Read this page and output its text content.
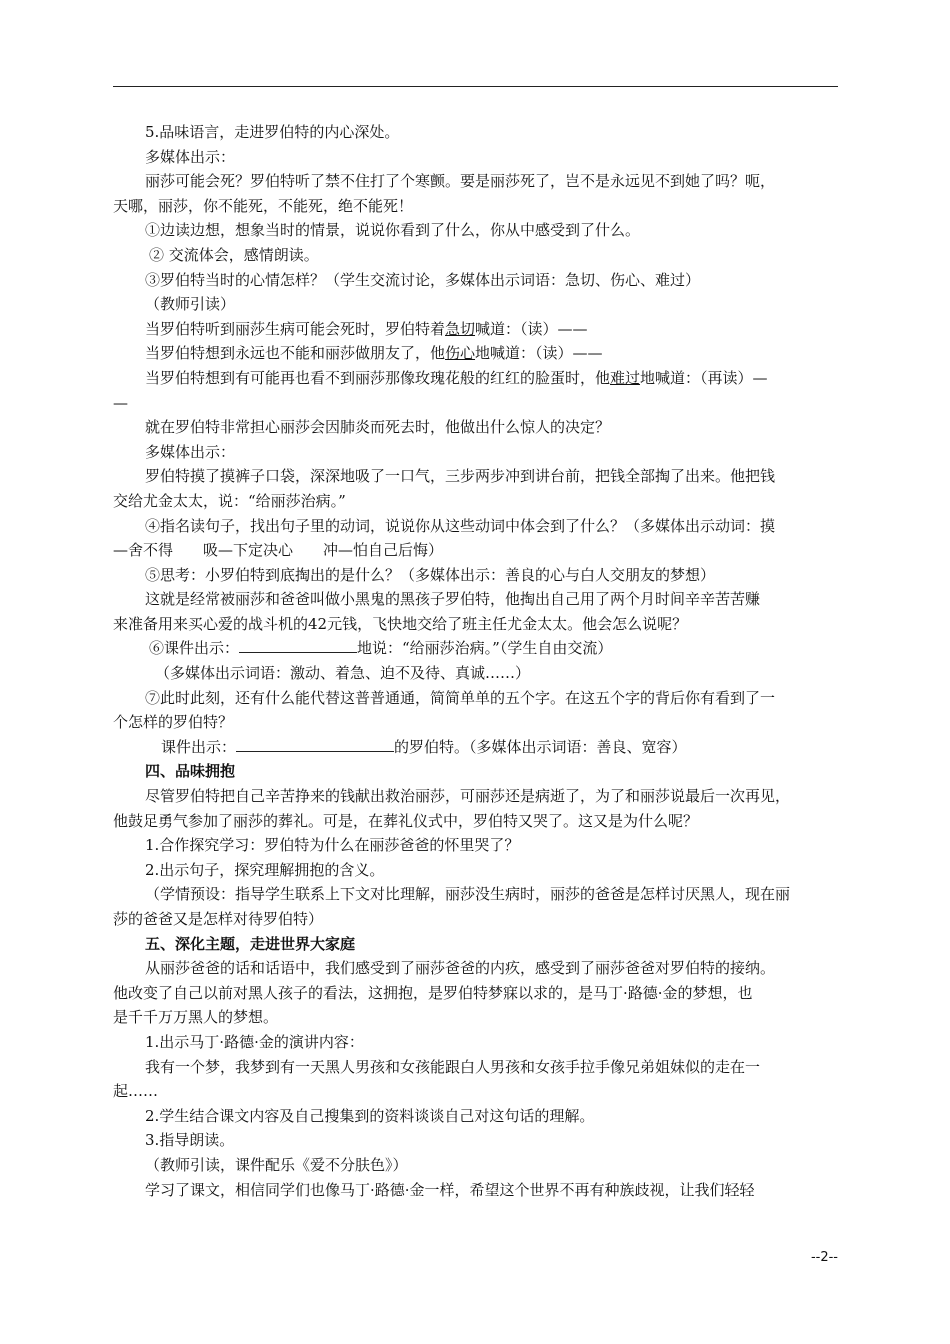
5.品味语言，走进罗伯特的内心深处。
多媒体出示：
丽莎可能会死？罗伯特听了禁不住打了个寒颤。要是丽莎死了，岂不是永远见不到她了吗？呃，
天哪，丽莎，你不能死，不能死，绝不能死！
①边读边想，想象当时的情景，说说你看到了什么，你从中感受到了什么。
② 交流体会，感情朗读。
③罗伯特当时的心情怎样？（学生交流讨论，多媒体出示词语：急切、伤心、难过）
（教师引读）
当罗伯特听到丽莎生病可能会死时，罗伯特着急切喊道：（读）——
当罗伯特想到永远也不能和丽莎做朋友了，他伤心地喊道：（读）——
当罗伯特想到有可能再也看不到丽莎那像玫瑰花般的红红的脸蛋时，他难过地喊道：（再读）—
—
就在罗伯特非常担心丽莎会因肺炎而死去时，他做出什么惊人的决定？
多媒体出示：
罗伯特摸了摸裤子口袋，深深地吸了一口气，三步两步冲到讲台前，把钱全部掏了出来。他把钱
交给尤金太太，说：“给丽莎治病。”
④指名读句子，找出句子里的动词，说说你从这些动词中体会到了什么？（多媒体出示动词：摸
—舍不得　　吸—下定决心　　冲—怕自己后悔）
⑤思考：小罗伯特到底掏出的是什么？（多媒体出示：善良的心与白人交朋友的梦想）
这就是经常被丽莎和爸爸叫做小黑鬼的黑孩子罗伯特，他掏出自己用了两个月时间辛辛苦苦赚
来准备用来买心爱的战斗机的42元钱，飞快地交给了班主任尤金太太。他会怎么说呢？
⑥课件出示：	地说：“给丽莎治病。”（学生自由交流）
（多媒体出示词语：激动、着急、迫不及待、真诚……）
⑦此时此刻，还有什么能代替这普普通通，简简单单的五个字。在这五个字的背后你有看到了一
个怎样的罗伯特？
课件出示：	的罗伯特。（多媒体出示词语：善良、宽容）
四、品味拥抱
尽管罗伯特把自己辛苦挣来的钱献出救治丽莎，可丽莎还是病逝了，为了和丽莎说最后一次再见，
他鼓足勇气参加了丽莎的葬礼。可是，在葬礼仪式中，罗伯特又哭了。这又是为什么呢？
1.合作探究学习：罗伯特为什么在丽莎爸爸的怀里哭了？
2.出示句子，探究理解拥抱的含义。
（学情预设：指导学生联系上下文对比理解，丽莎没生病时，丽莎的爸爸是怎样讨厌黑人，现在丽
莎的爸爸又是怎样对待罗伯特）
五、深化主题，走进世界大家庭
从丽莎爸爸的话和话语中，我们感受到了丽莎爸爸的内疚，感受到了丽莎爸爸对罗伯特的接纳。
他改变了自己以前对黑人孩子的看法，这拥抱，是罗伯特梦寐以求的，是马丁·路德·金的梦想，也
是千千万万黑人的梦想。
1.出示马丁·路德·金的演讲内容：
我有一个梦，我梦到有一天黑人男孩和女孩能跟白人男孩和女孩手拉手像兄弟姐妹似的走在一
起……
2.学生结合课文内容及自己搜集到的资料谈谈自己对这句话的理解。
3.指导朗读。
（教师引读，课件配乐《爱不分肤色》）
学习了课文，相信同学们也像马丁·路德·金一样，希望这个世界不再有种族歧视，让我们轻轻
--2--
